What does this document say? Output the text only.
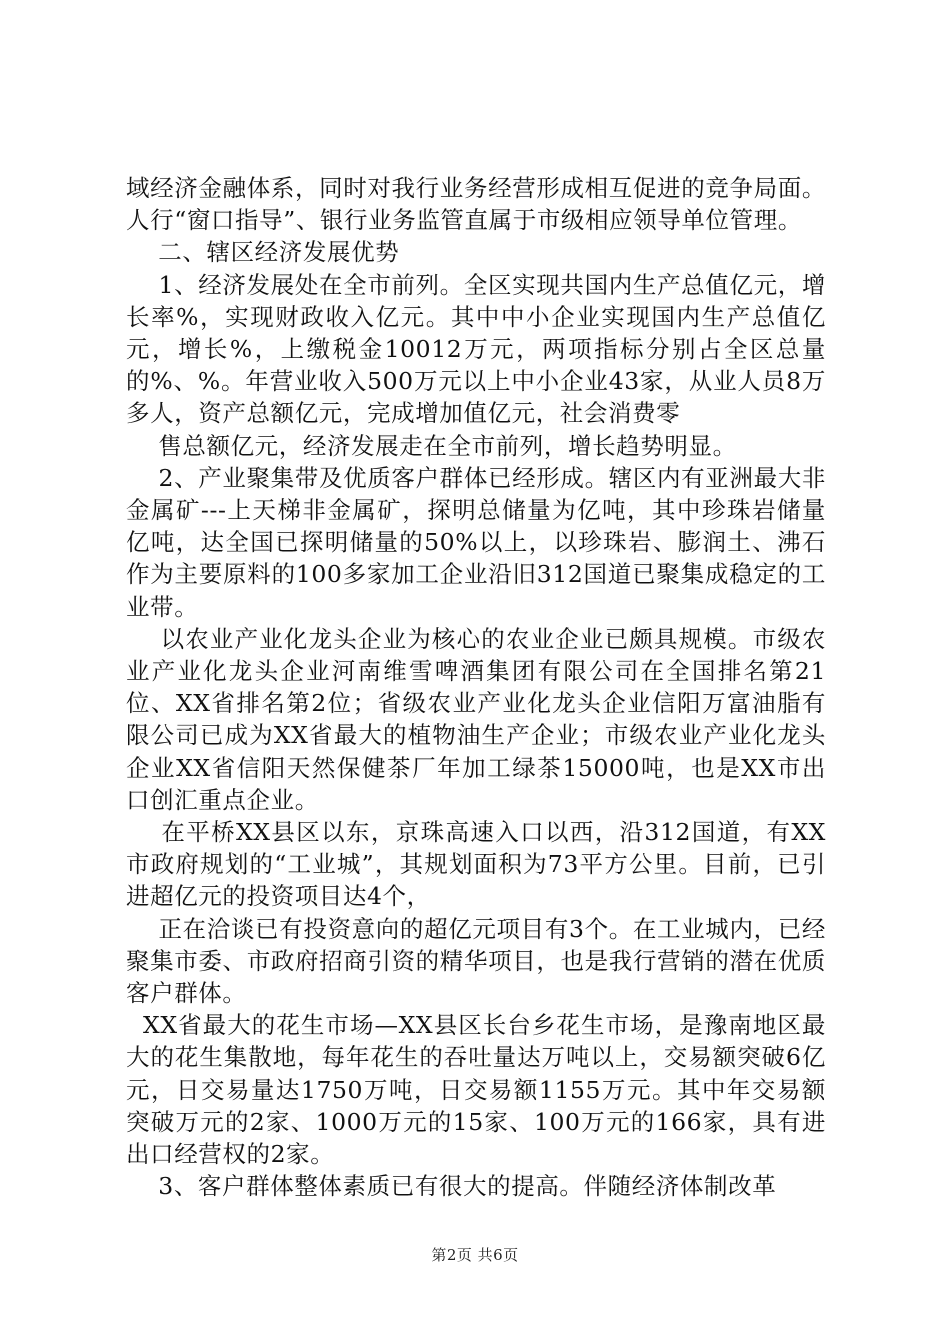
域经济金融体系，同时对我行业务经营形成相互促进的竞争局面。人行“窗口指导”、银行业务监管直属于市级相应领导单位管理。

二、辖区经济发展优势

1、经济发展处在全市前列。全区实现共国内生产总值亿元，增长率%，实现财政收入亿元。其中中小企业实现国内生产总值亿元，增长%，上缴税金10012万元，两项指标分别占全区总量的%、%。年营业收入500万元以上中小企业43家，从业人员8万多人，资产总额亿元，完成增加值亿元，社会消费零

售总额亿元，经济发展走在全市前列，增长趋势明显。

2、产业聚集带及优质客户群体已经形成。辖区内有亚洲最大非金属矿---上天梯非金属矿，探明总储量为亿吨，其中珍珠岩储量亿吨，达全国已探明储量的50%以上，以珍珠岩、膨润土、沸石作为主要原料的100多家加工企业沿旧312国道已聚集成稳定的工业带。

以农业产业化龙头企业为核心的农业企业已颇具规模。市级农业产业化龙头企业河南维雪啤酒集团有限公司在全国排名第21位、XX省排名第2位；省级农业产业化龙头企业信阳万富油脂有限公司已成为XX省最大的植物油生产企业；市级农业产业化龙头企业XX省信阳天然保健茶厂年加工绿茶15000吨，也是XX市出口创汇重点企业。

在平桥XX县区以东，京珠高速入口以西，沿312国道，有XX市政府规划的“工业城”，其规划面积为73平方公里。目前，已引进超亿元的投资项目达4个，

正在洽谈已有投资意向的超亿元项目有3个。在工业城内，已经聚集市委、市政府招商引资的精华项目，也是我行营销的潜在优质客户群体。

XX省最大的花生市场—XX县区长台乡花生市场，是豫南地区最大的花生集散地，每年花生的吞吐量达万吨以上，交易额突破6亿元，日交易量达1750万吨，日交易额1155万元。其中年交易额突破万元的2家、1000万元的15家、100万元的166家，具有进出口经营权的2家。

3、客户群体整体素质已有很大的提高。伴随经济体制改革

第2页 共6页
